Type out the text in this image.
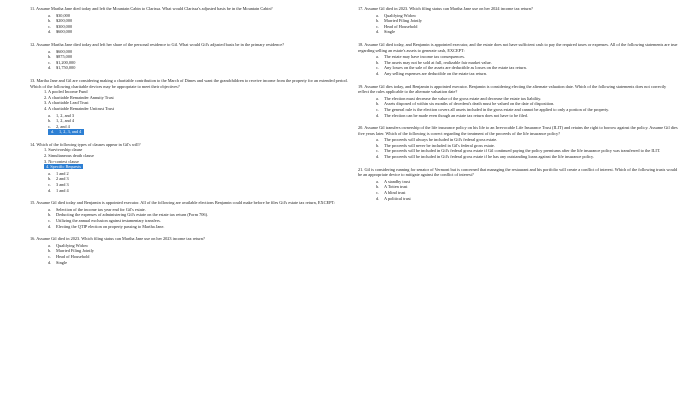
11. Assume Martha Jane died today and left the Mountain Cabin to Clarissa. What would Clarissa's adjusted basis be in the Mountain Cabin?

a. $30,000
b. $200,000
c. $300,000
d. $600,000

12. Assume Martha Jane died today and left her share of the personal residence to Gil. What would Gil's adjusted basis be in the primary residence?

a. $600,000
b. $875,000
c. $1,200,000
d. $1,750,000

13. Martha Jane and Gil are considering making a charitable contribution to the March of Dimes and want the grandchildren to receive income from the property for an extended period. Which of the following charitable devices may be appropriate to meet their objectives?

1. A pooled Income Fund
2. A charitable Remainder Annuity Trust
3. A charitable Lead Trust
4. A charitable Remainder Unitrust Trust
a. 1, 2, and 3
b. 1, 2, and 4
c. 2, and 4
d. 1, 2, 3, and 4

14. Which of the following types of clauses appear in Gil's will?

1. Survivorship clause
2. Simultaneous death clause
3. No-contest clause
4. Specific Bequests
a. 1 and 2
b. 2 and 3
c. 3 and 3
d. 1 and 4

15. Assume Gil died today and Benjamin is appointed executor. All of the following are available elections Benjamin could make before he files Gil's estate tax return, EXCEPT:

a. Selection of the income tax year end for Gil's estate.
b. Deducting the expenses of administering Gil's estate on the estate tax return (Form 706).
c. Utilizing the annual exclusion against testamentary transfers.
d. Electing the QTIP election on property passing to Martha Jane.

16. Assume Gil died in 2023. Which filing status can Martha Jane use on her 2023 income tax return?

a. Qualifying Widow
b. Married Filing Jointly
c. Head of Household
d. Single

17. Assume Gil died in 2023. Which filing status can Martha Jane use on her 2024 income tax return?

a. Qualifying Widow
b. Married Filing Jointly
c. Head of Household
d. Single

18. Assume Gil died today, and Benjamin is appointed executor, and the estate does not have sufficient cash to pay the required taxes or expenses. All of the following statements are true regarding selling an estate's assets to generate cash, EXCEPT:

a. The estate may have income tax consequences.
b. The assets may not be sold at full, realizable fair market value.
c. Any losses on the sale of the assets are deductible as losses on the estate tax return.
d. Any selling expenses are deductible on the estate tax return.

19. Assume Gil dies today, and Benjamin is appointed executor. Benjamin is considering electing the alternate valuation date. Which of the following statements does not correctly reflect the rules applicable to the alternate valuation date?

a. The election must decrease the value of the gross estate and decrease the estate tax liability.
b. Assets disposed of within six months of decedent's death must be valued on the date of disposition.
c. The general rule is the election covers all assets included in the gross estate and cannot be applied to only a portion of the property.
d. The election can be made even though an estate tax return does not have to be filed.

20. Assume Gil transfers ownership of the life insurance policy on his life to an Irrevocable Life Insurance Trust (ILIT) and retains the right to borrow against the policy. Assume Gil dies five years later. Which of the following is correct regarding the treatment of the proceeds of the life insurance policy?

a. The proceeds will always be included in Gil's federal gross estate.
b. The proceeds will never be included in Gil's federal gross estate.
c. The proceeds will be included in Gil's federal gross estate if Gil continued paying the policy premiums after the life insurance policy was transferred to the ILIT.
d. The proceeds will be included in Gil's federal gross estate if he has any outstanding loans against the life insurance policy.

21. Gil is considering running for senator of Vermont but is concerned that managing the restaurant and his portfolio will create a conflict of interest. Which of the following trusts would be an appropriate device to mitigate against the conflict of interest?

a. A standby trust
b. A Totten trust
c. A blind trust
d. A political trust
